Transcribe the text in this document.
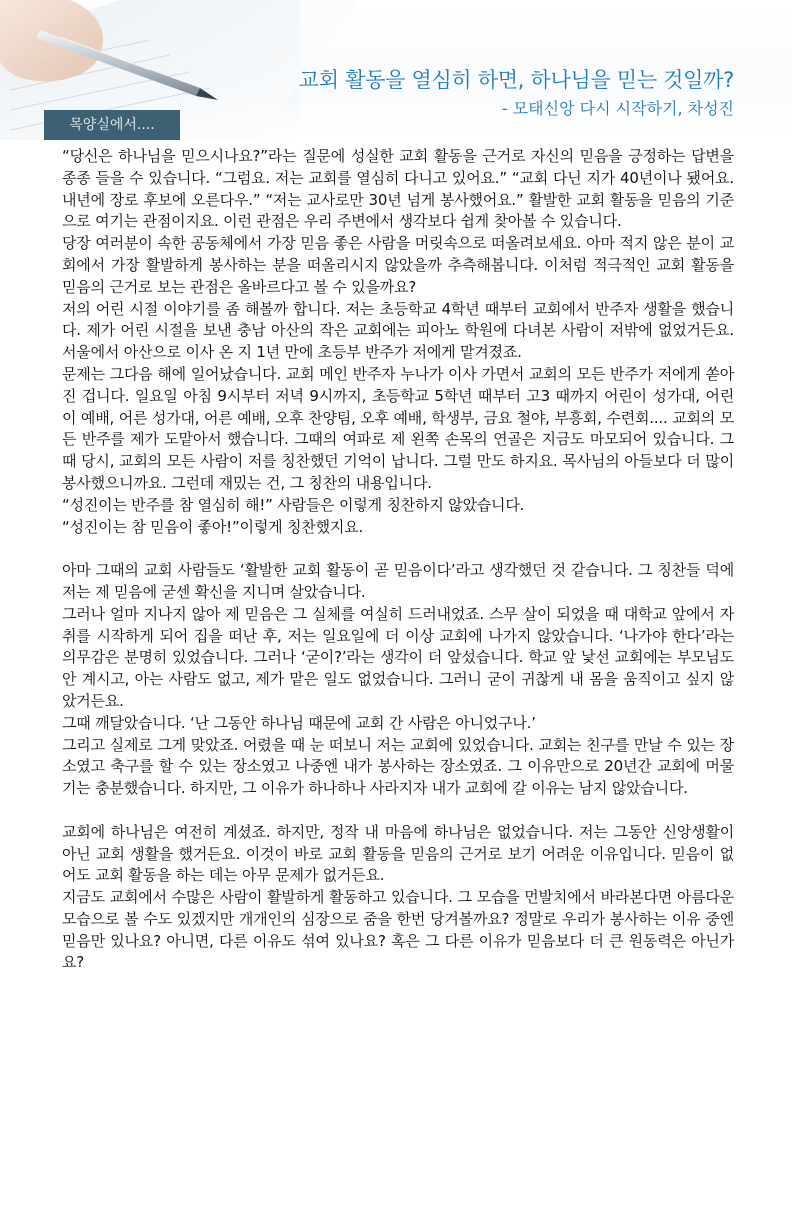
교회 활동을 열심히 하면, 하나님을 믿는 것일까?
- 모태신앙 다시 시작하기, 차성진
목양실에서....

“당신은 하나님을 믿으시나요?”라는 질문에 성실한 교회 활동을 근거로 자신의 믿음을 긍정하는 답변을 종종 들을 수 있습니다. “그럼요. 저는 교회를 열심히 다니고 있어요.” “교회 다닌 지가 40년이나 됐어요. 내년에 장로 후보에 오른다우.” “저는 교사로만 30년 넘게 봉사했어요.” 활발한 교회 활동을 믿음의 기준으로 여기는 관점이지요. 이런 관점은 우리 주변에서 생각보다 쉽게 찾아볼 수 있습니다.

당장 여러분이 속한 공동체에서 가장 믿음 좋은 사람을 머릿속으로 떠올려보세요. 아마 적지 않은 분이 교회에서 가장 활발하게 봉사하는 분을 떠올리시지 않았을까 추측해봅니다. 이처럼 적극적인 교회 활동을 믿음의 근거로 보는 관점은 올바르다고 볼 수 있을까요?

저의 어린 시절 이야기를 좀 해볼까 합니다. 저는 초등학교 4학년 때부터 교회에서 반주자 생활을 했습니다. 제가 어린 시절을 보낸 충남 아산의 작은 교회에는 피아노 학원에 다녀본 사람이 저밖에 없었거든요. 서울에서 아산으로 이사 온 지 1년 만에 초등부 반주가 저에게 맡겨졌죠.

문제는 그다음 해에 일어났습니다. 교회 메인 반주자 누나가 이사 가면서 교회의 모든 반주가 저에게 쏟아진 겁니다. 일요일 아침 9시부터 저녁 9시까지, 초등학교 5학년 때부터 고3 때까지 어린이 성가대, 어린이 예배, 어른 성가대, 어른 예배, 오후 찬양팀, 오후 예배, 학생부, 금요 철야, 부흥회, 수련회.... 교회의 모든 반주를 제가 도맡아서 했습니다. 그때의 여파로 제 왼쪽 손목의 연골은 지금도 마모되어 있습니다. 그때 당시, 교회의 모든 사람이 저를 칭찬했던 기억이 납니다. 그럴 만도 하지요. 목사님의 아들보다 더 많이 봉사했으니까요. 그런데 재밌는 건, 그 칭찬의 내용입니다.

“성진이는 반주를 참 열심히 해!” 사람들은 이렇게 칭찬하지 않았습니다.

“성진이는 참 믿음이 좋아!”이렇게 칭찬했지요.

아마 그때의 교회 사람들도 ‘활발한 교회 활동이 곧 믿음이다’라고 생각했던 것 같습니다. 그 칭찬들 덕에 저는 제 믿음에 굳센 확신을 지니며 살았습니다.

그러나 얼마 지나지 않아 제 믿음은 그 실체를 여실히 드러내었죠. 스무 살이 되었을 때 대학교 앞에서 자취를 시작하게 되어 집을 떠난 후, 저는 일요일에 더 이상 교회에 나가지 않았습니다. ‘나가야 한다’라는 의무감은 분명히 있었습니다. 그러나 ‘굳이?’라는 생각이 더 앞섰습니다. 학교 앞 낯선 교회에는 부모님도 안 계시고, 아는 사람도 없고, 제가 맡은 일도 없었습니다. 그러니 굳이 귀찮게 내 몸을 움직이고 싶지 않았거든요.

그때 깨달았습니다. ‘난 그동안 하나님 때문에 교회 간 사람은 아니었구나.’

그리고 실제로 그게 맞았죠. 어렸을 때 눈 떠보니 저는 교회에 있었습니다. 교회는 친구를 만날 수 있는 장소였고 축구를 할 수 있는 장소였고 나중엔 내가 봉사하는 장소였죠. 그 이유만으로 20년간 교회에 머물기는 충분했습니다. 하지만, 그 이유가 하나하나 사라지자 내가 교회에 갈 이유는 남지 않았습니다.

교회에 하나님은 여전히 계셨죠. 하지만, 정작 내 마음에 하나님은 없었습니다. 저는 그동안 신앙생활이 아닌 교회 생활을 했거든요. 이것이 바로 교회 활동을 믿음의 근거로 보기 어려운 이유입니다. 믿음이 없어도 교회 활동을 하는 데는 아무 문제가 없거든요.

지금도 교회에서 수많은 사람이 활발하게 활동하고 있습니다. 그 모습을 먼발치에서 바라본다면 아름다운 모습으로 볼 수도 있겠지만 개개인의 심장으로 줌을 한번 당겨볼까요? 정말로 우리가 봉사하는 이유 중엔 믿음만 있나요? 아니면, 다른 이유도 섞여 있나요? 혹은 그 다른 이유가 믿음보다 더 큰 원동력은 아닌가요?
